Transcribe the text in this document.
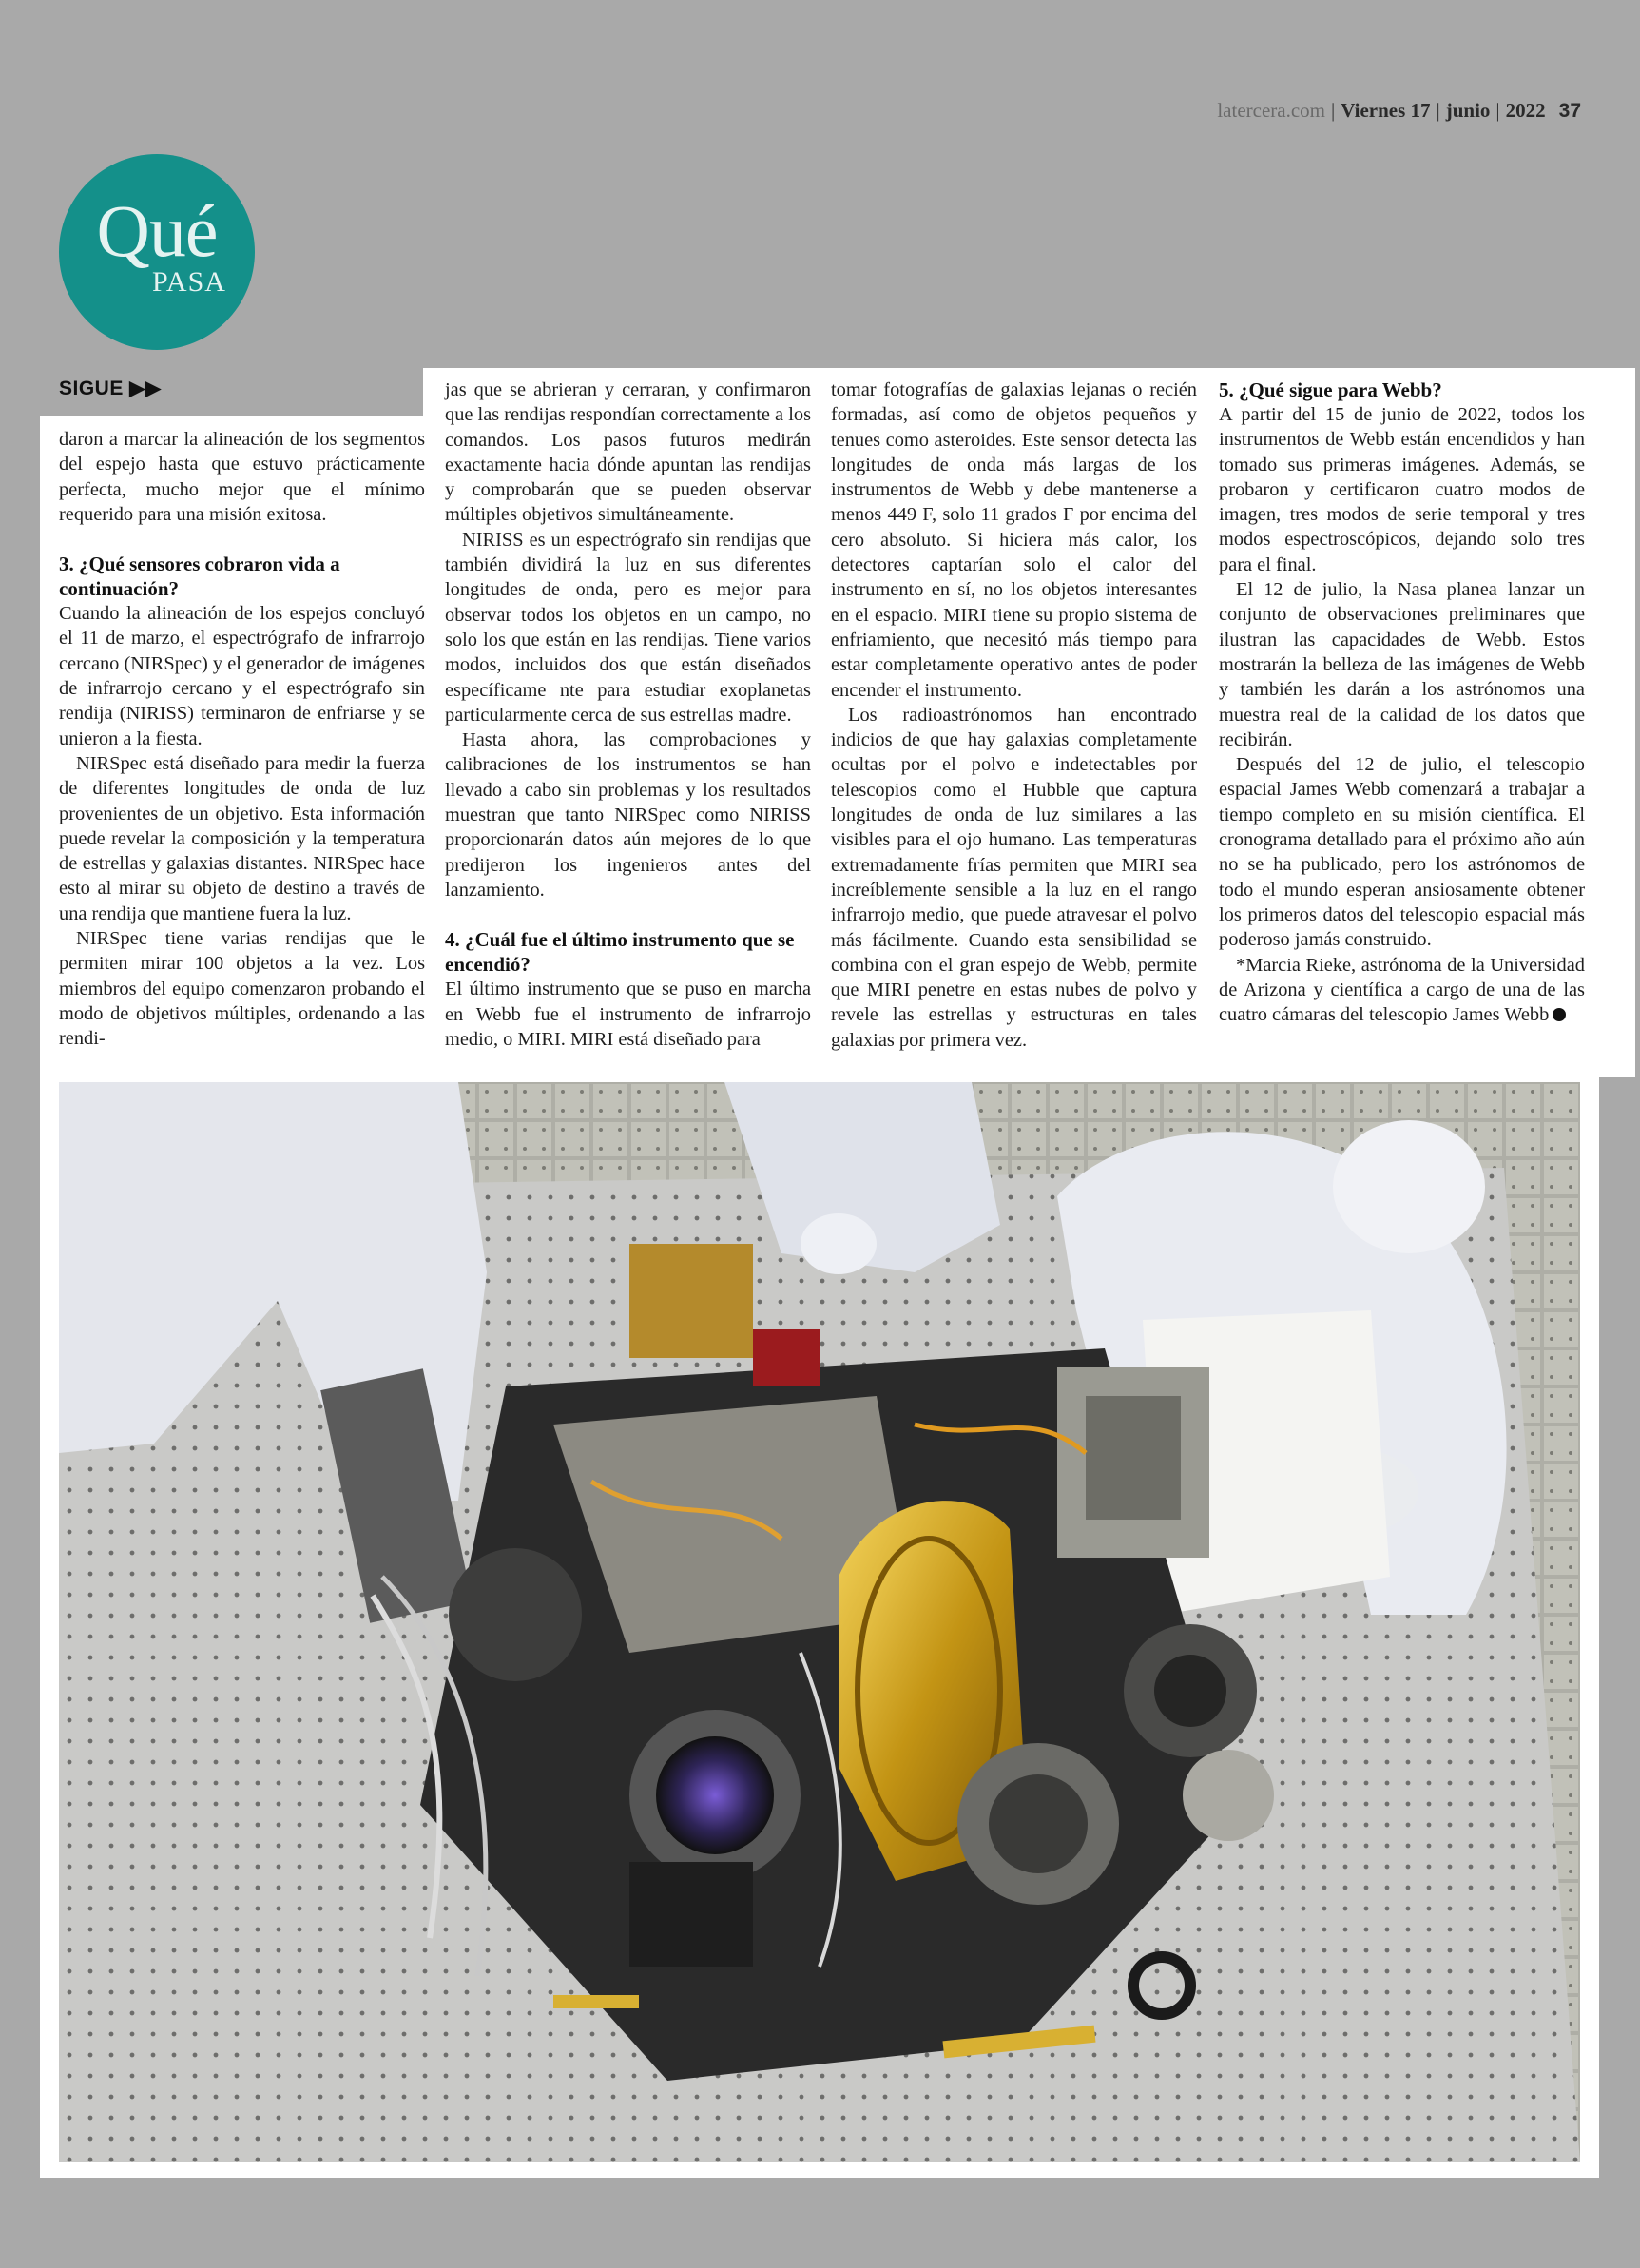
latercera.com | Viernes 17 | junio | 2022 37
Qué
PASA
SIGUE ▶▶

daron a marcar la alineación de los segmentos del espejo hasta que estuvo prácticamente perfecta, mucho mejor que el mínimo requerido para una misión exitosa.

3. ¿Qué sensores cobraron vida a continuación?

Cuando la alineación de los espejos concluyó el 11 de marzo, el espectrógrafo de infrarrojo cercano (NIRSpec) y el generador de imágenes de infrarrojo cercano y el espectrógrafo sin rendija (NIRISS) terminaron de enfriarse y se unieron a la fiesta.

NIRSpec está diseñado para medir la fuerza de diferentes longitudes de onda de luz provenientes de un objetivo. Esta información puede revelar la composición y la temperatura de estrellas y galaxias distantes. NIRSpec hace esto al mirar su objeto de destino a través de una rendija que mantiene fuera la luz.

NIRSpec tiene varias rendijas que le permiten mirar 100 objetos a la vez. Los miembros del equipo comenzaron probando el modo de objetivos múltiples, ordenando a las rendi-

jas que se abrieran y cerraran, y confirmaron que las rendijas respondían correctamente a los comandos. Los pasos futuros medirán exactamente hacia dónde apuntan las rendijas y comprobarán que se pueden observar múltiples objetivos simultáneamente.

NIRISS es un espectrógrafo sin rendijas que también dividirá la luz en sus diferentes longitudes de onda, pero es mejor para observar todos los objetos en un campo, no solo los que están en las rendijas. Tiene varios modos, incluidos dos que están diseñados específicame nte para estudiar exoplanetas particularmente cerca de sus estrellas madre.

Hasta ahora, las comprobaciones y calibraciones de los instrumentos se han llevado a cabo sin problemas y los resultados muestran que tanto NIRSpec como NIRISS proporcionarán datos aún mejores de lo que predijeron los ingenieros antes del lanzamiento.

4. ¿Cuál fue el último instrumento que se encendió?

El último instrumento que se puso en marcha en Webb fue el instrumento de infrarrojo medio, o MIRI. MIRI está diseñado para

tomar fotografías de galaxias lejanas o recién formadas, así como de objetos pequeños y tenues como asteroides. Este sensor detecta las longitudes de onda más largas de los instrumentos de Webb y debe mantenerse a menos 449 F, solo 11 grados F por encima del cero absoluto. Si hiciera más calor, los detectores captarían solo el calor del instrumento en sí, no los objetos interesantes en el espacio. MIRI tiene su propio sistema de enfriamiento, que necesitó más tiempo para estar completamente operativo antes de poder encender el instrumento.

Los radioastrónomos han encontrado indicios de que hay galaxias completamente ocultas por el polvo e indetectables por telescopios como el Hubble que captura longitudes de onda de luz similares a las visibles para el ojo humano. Las temperaturas extremadamente frías permiten que MIRI sea increíblemente sensible a la luz en el rango infrarrojo medio, que puede atravesar el polvo más fácilmente. Cuando esta sensibilidad se combina con el gran espejo de Webb, permite que MIRI penetre en estas nubes de polvo y revele las estrellas y estructuras en tales galaxias por primera vez.

5. ¿Qué sigue para Webb?

A partir del 15 de junio de 2022, todos los instrumentos de Webb están encendidos y han tomado sus primeras imágenes. Además, se probaron y certificaron cuatro modos de imagen, tres modos de serie temporal y tres modos espectroscópicos, dejando solo tres para el final.

El 12 de julio, la Nasa planea lanzar un conjunto de observaciones preliminares que ilustran las capacidades de Webb. Estos mostrarán la belleza de las imágenes de Webb y también les darán a los astrónomos una muestra real de la calidad de los datos que recibirán.

Después del 12 de julio, el telescopio espacial James Webb comenzará a trabajar a tiempo completo en su misión científica. El cronograma detallado para el próximo año aún no se ha publicado, pero los astrónomos de todo el mundo esperan ansiosamente obtener los primeros datos del telescopio espacial más poderoso jamás construido.

*Marcia Rieke, astrónoma de la Universidad de Arizona y científica a cargo de una de las cuatro cámaras del telescopio James Webb
